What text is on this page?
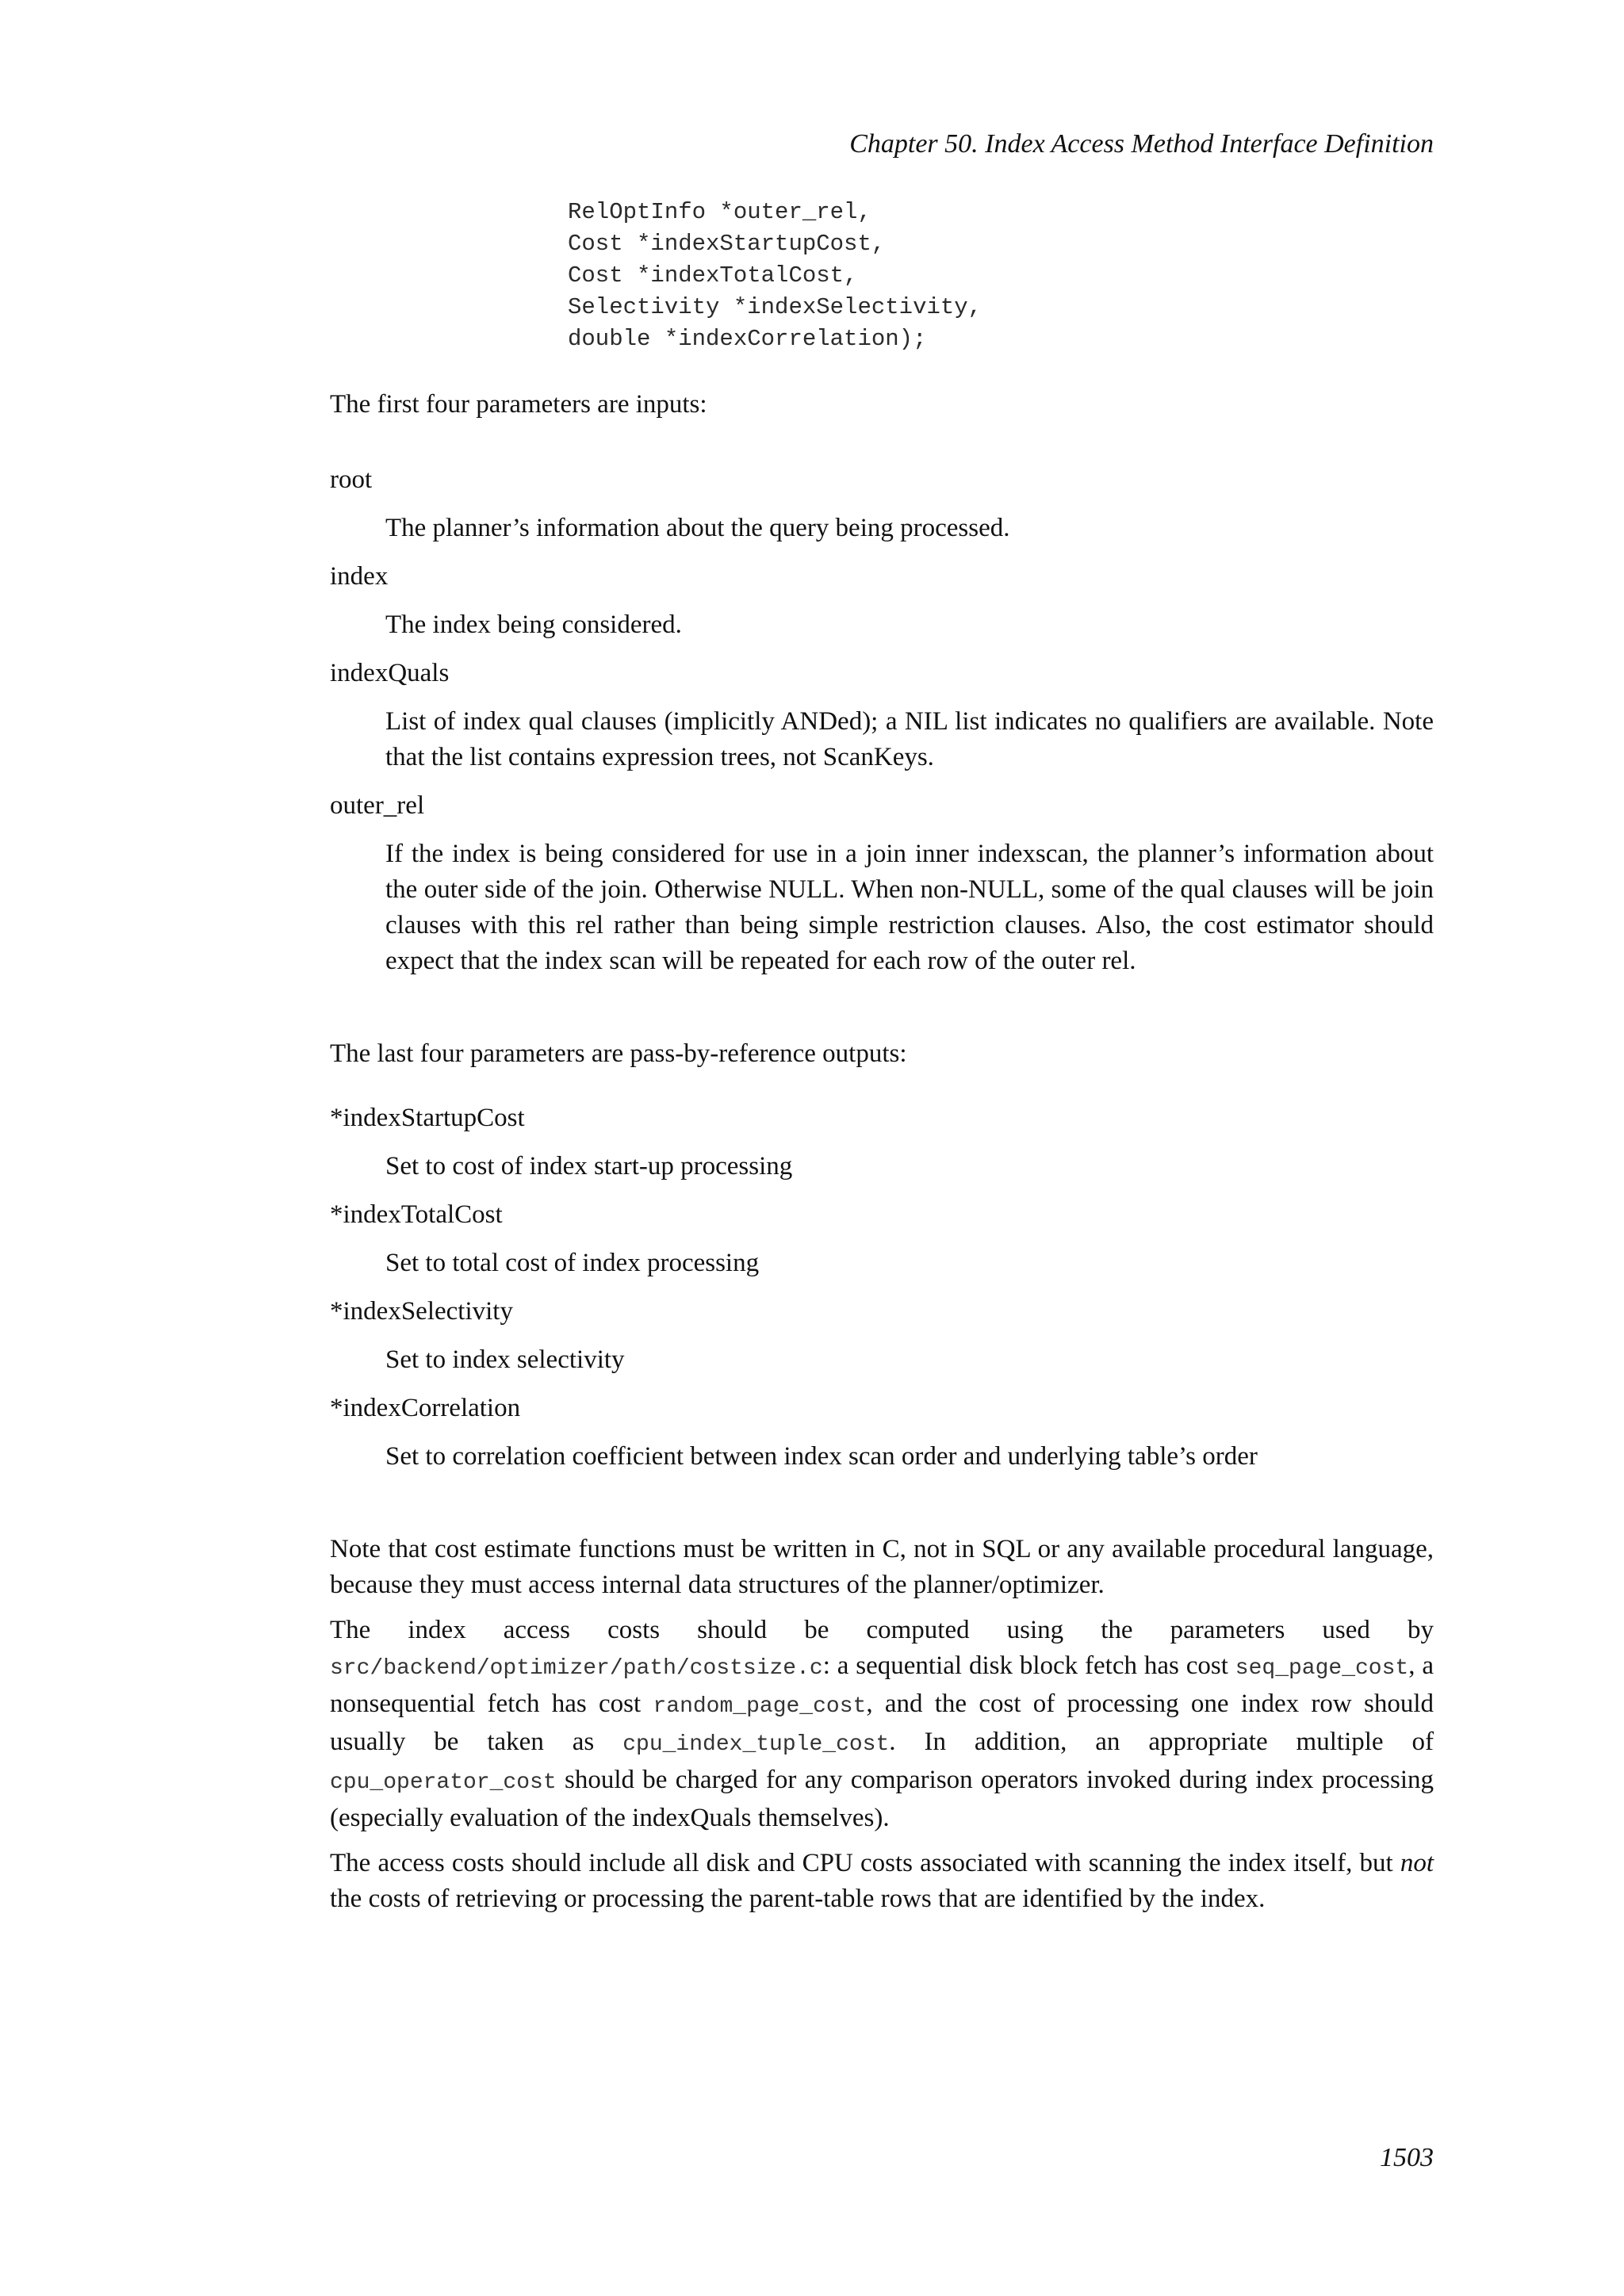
Chapter 50. Index Access Method Interface Definition
RelOptInfo *outer_rel,
Cost *indexStartupCost,
Cost *indexTotalCost,
Selectivity *indexSelectivity,
double *indexCorrelation);

The first four parameters are inputs:

root
The planner’s information about the query being processed.
index
The index being considered.
indexQuals
List of index qual clauses (implicitly ANDed); a NIL list indicates no qualifiers are available. Note that the list contains expression trees, not ScanKeys.
outer_rel
If the index is being considered for use in a join inner indexscan, the planner’s information about the outer side of the join. Otherwise NULL. When non-NULL, some of the qual clauses will be join clauses with this rel rather than being simple restriction clauses. Also, the cost estimator should expect that the index scan will be repeated for each row of the outer rel.

The last four parameters are pass-by-reference outputs:

*indexStartupCost
Set to cost of index start-up processing
*indexTotalCost
Set to total cost of index processing
*indexSelectivity
Set to index selectivity
*indexCorrelation
Set to correlation coefficient between index scan order and underlying table’s order

Note that cost estimate functions must be written in C, not in SQL or any available procedural language, because they must access internal data structures of the planner/optimizer.

The index access costs should be computed using the parameters used by src/backend/optimizer/path/costsize.c: a sequential disk block fetch has cost seq_page_cost, a nonsequential fetch has cost random_page_cost, and the cost of processing one index row should usually be taken as cpu_index_tuple_cost. In addition, an appropriate multiple of cpu_operator_cost should be charged for any comparison operators invoked during index processing (especially evaluation of the indexQuals themselves).

The access costs should include all disk and CPU costs associated with scanning the index itself, but not the costs of retrieving or processing the parent-table rows that are identified by the index.

1503
